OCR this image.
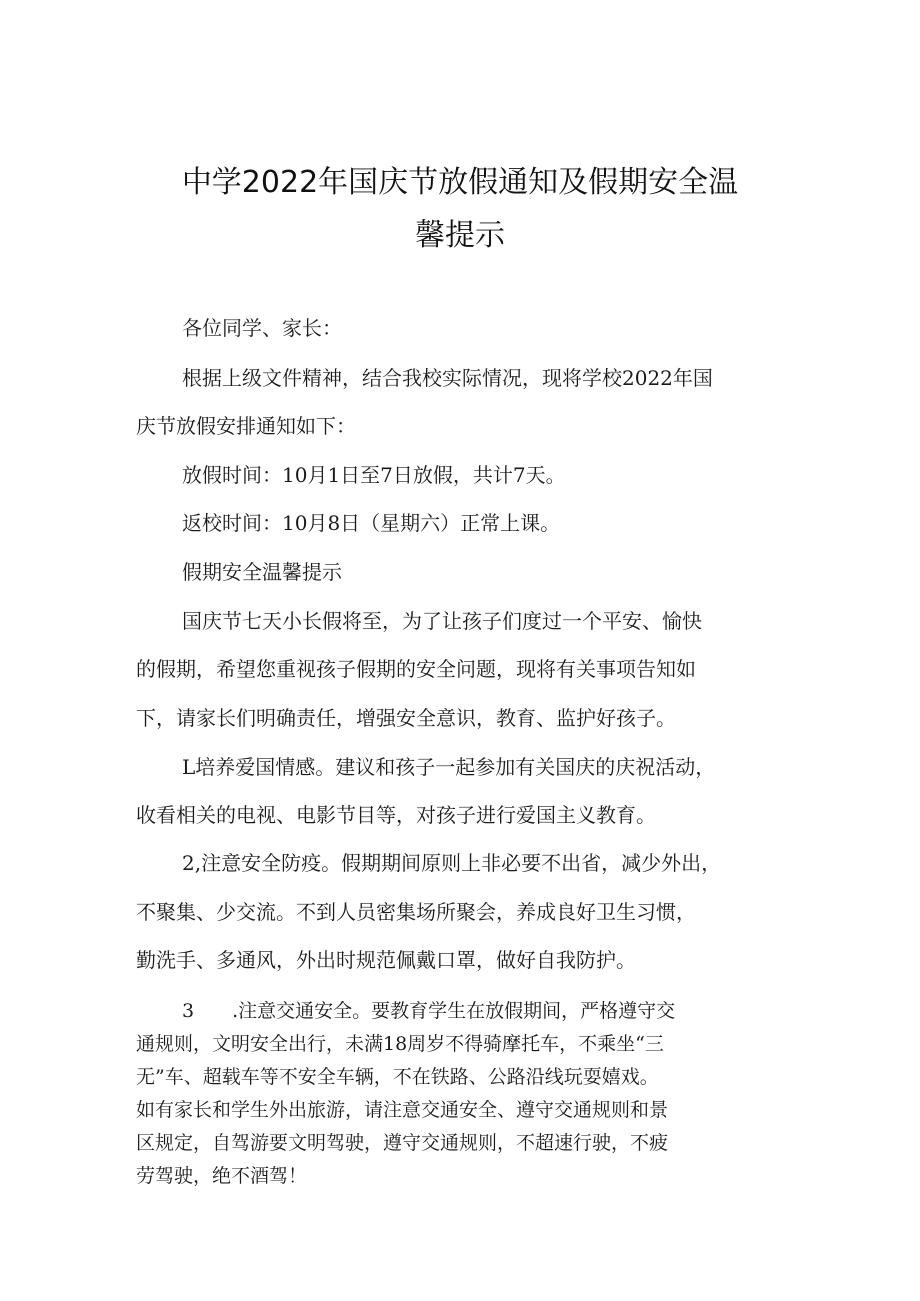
中学2022年国庆节放假通知及假期安全温
馨提示

各位同学、家长：

根据上级文件精神，结合我校实际情况，现将学校2022年国

庆节放假安排通知如下：

放假时间：10月1日至7日放假，共计7天。

返校时间：10月8日（星期六）正常上课。

假期安全温馨提示

国庆节七天小长假将至，为了让孩子们度过一个平安、愉快

的假期，希望您重视孩子假期的安全问题，现将有关事项告知如

下，请家长们明确责任，增强安全意识，教育、监护好孩子。

L培养爱国情感。建议和孩子一起参加有关国庆的庆祝活动，

收看相关的电视、电影节目等，对孩子进行爱国主义教育。

2,注意安全防疫。假期期间原则上非必要不出省，减少外出，

不聚集、少交流。不到人员密集场所聚会，养成良好卫生习惯，

勤洗手、多通风，外出时规范佩戴口罩，做好自我防护。

3　　.注意交通安全。要教育学生在放假期间，严格遵守交

通规则，文明安全出行，未满18周岁不得骑摩托车，不乘坐“三

无”车、超载车等不安全车辆，不在铁路、公路沿线玩耍嬉戏。

如有家长和学生外出旅游，请注意交通安全、遵守交通规则和景

区规定，自驾游要文明驾驶，遵守交通规则，不超速行驶，不疲

劳驾驶，绝不酒驾！
